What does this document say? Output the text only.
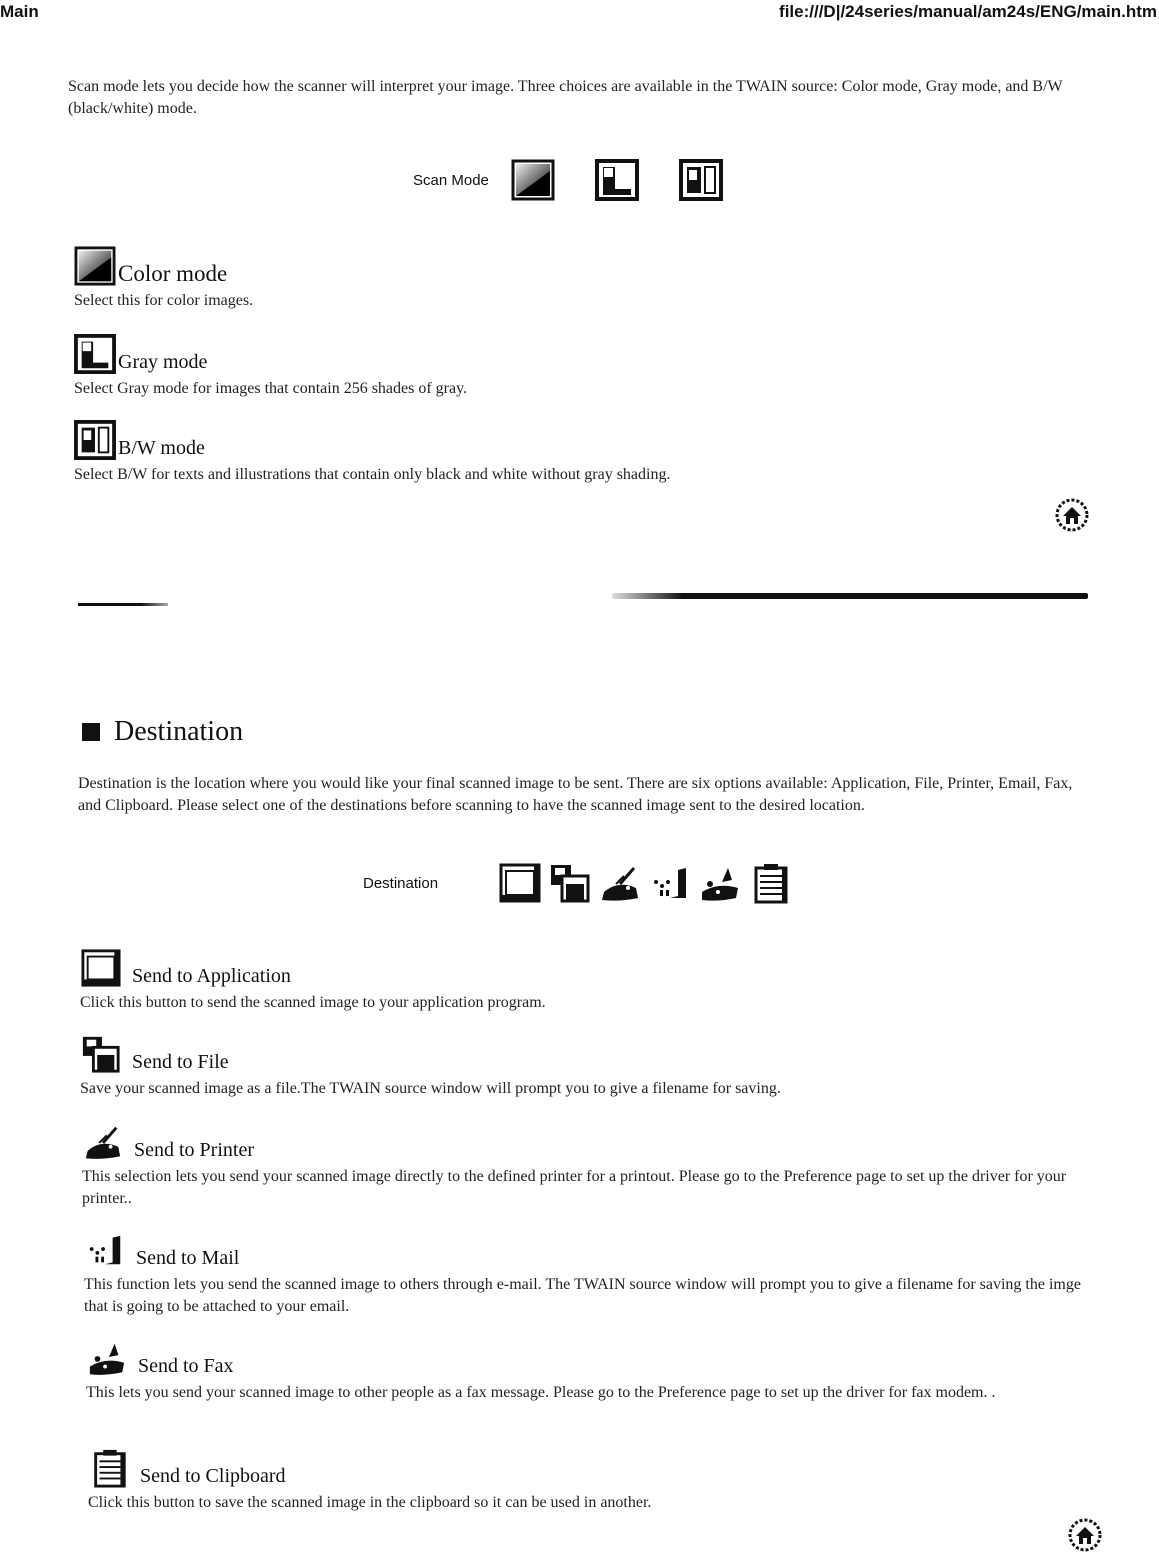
Main	file:///D|/24series/manual/am24s/ENG/main.htm
Scan mode lets you decide how the scanner will interpret your image. Three choices are available in the TWAIN source: Color mode, Gray mode, and B/W (black/white) mode.
Scan Mode
Color mode
Select this for color images.
Gray mode
Select Gray mode for images that contain 256 shades of gray.
B/W mode
Select B/W for texts and illustrations that contain only black and white without gray shading.
Destination
Destination is the location where you would like your final scanned image to be sent. There are six options available: Application, File, Printer, Email, Fax, and Clipboard. Please select one of the destinations before scanning to have the scanned image sent to the desired location.
Destination
Send to Application
Click this button to send the scanned image to your application program.
Send to File
Save your scanned image as a file.The TWAIN source window will prompt you to give a filename for saving.
Send to Printer
This selection lets you send your scanned image directly to the defined printer for a printout. Please go to the Preference page to set up the driver for your printer..
Send to Mail
This function lets you send the scanned image to others through e-mail. The TWAIN source window will prompt you to give a filename for saving the imge that is going to be attached to your email.
Send to Fax
This lets you send your scanned image to other people as a fax message. Please go to the Preference page to set up the driver for fax modem. .
Send to Clipboard
Click this button to save the scanned image in the clipboard so it can be used in another.
